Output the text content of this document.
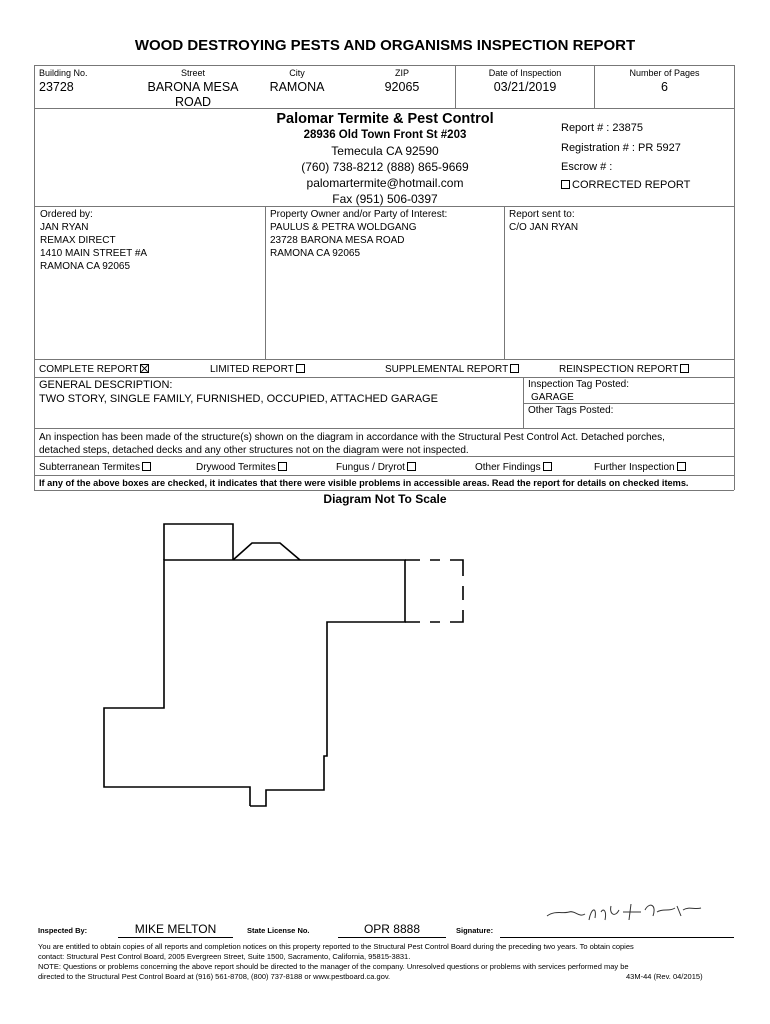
WOOD DESTROYING PESTS AND ORGANISMS INSPECTION REPORT
Building No.
23728
Street
BARONA MESA
ROAD
City
RAMONA
ZIP
92065
Date of Inspection
03/21/2019
Number of Pages
6
Palomar Termite & Pest Control
28936 Old Town Front St #203
Temecula CA 92590
(760) 738-8212 (888) 865-9669
palomartermite@hotmail.com
Fax (951) 506-0397
Report # : 23875
Registration # : PR 5927
Escrow # :
CORRECTED REPORT
Ordered by:
JAN RYAN
REMAX DIRECT
1410 MAIN STREET #A
RAMONA CA 92065
Property Owner and/or Party of Interest:
PAULUS & PETRA WOLDGANG
23728 BARONA MESA ROAD
RAMONA CA 92065
Report sent to:
C/O JAN RYAN
COMPLETE REPORT	LIMITED REPORT	SUPPLEMENTAL REPORT	REINSPECTION REPORT
GENERAL DESCRIPTION:
TWO STORY, SINGLE FAMILY, FURNISHED, OCCUPIED, ATTACHED GARAGE
Inspection Tag Posted:
GARAGE
Other Tags Posted:
An inspection has been made of the structure(s) shown on the diagram in accordance with the Structural Pest Control Act. Detached porches,
detached steps, detached decks and any other structures not on the diagram were not inspected.
Subterranean Termites	Drywood Termites	Fungus / Dryrot	Other Findings	Further Inspection
If any of the above boxes are checked, it indicates that there were visible problems in accessible areas. Read the report for details on checked items.
Diagram Not To Scale
Inspected By:	MIKE MELTON	State License No.	OPR 8888	Signature:
You are entitled to obtain copies of all reports and completion notices on this property reported to the Structural Pest Control Board during the preceding two years. To obtain copies
contact: Structural Pest Control Board, 2005 Evergreen Street, Suite 1500, Sacramento, California, 95815-3831.
NOTE: Questions or problems concerning the above report should be directed to the manager of the company. Unresolved questions or problems with services performed may be
directed to the Structural Pest Control Board at (916) 561-8708, (800) 737-8188 or www.pestboard.ca.gov.	43M-44 (Rev. 04/2015)
